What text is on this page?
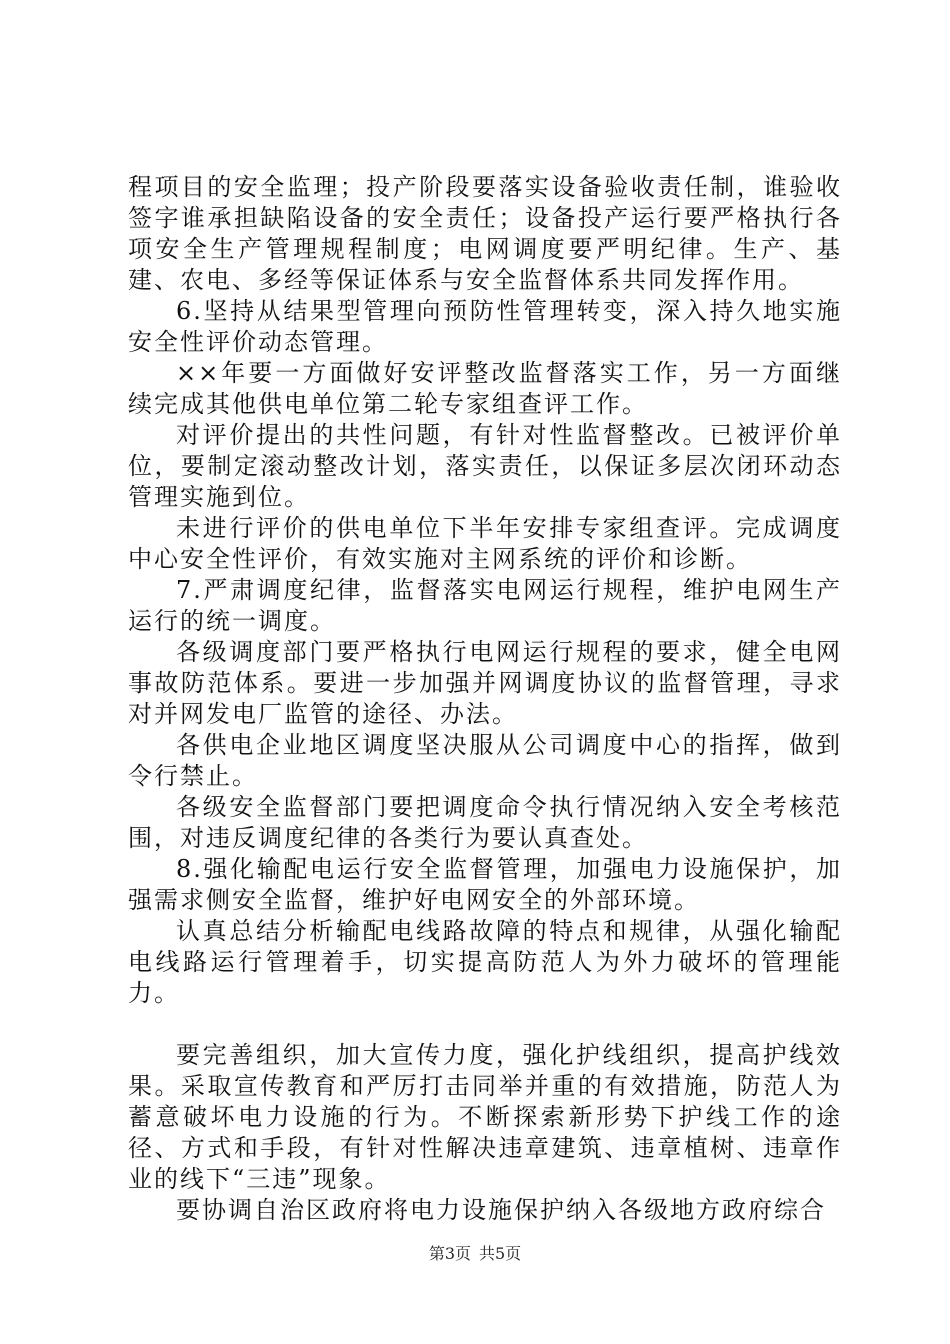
程项目的安全监理；投产阶段要落实设备验收责任制，谁验收签字谁承担缺陷设备的安全责任；设备投产运行要严格执行各项安全生产管理规程制度；电网调度要严明纪律。生产、基建、农电、多经等保证体系与安全监督体系共同发挥作用。

6.坚持从结果型管理向预防性管理转变，深入持久地实施安全性评价动态管理。

××年要一方面做好安评整改监督落实工作，另一方面继续完成其他供电单位第二轮专家组查评工作。

对评价提出的共性问题，有针对性监督整改。已被评价单位，要制定滚动整改计划，落实责任，以保证多层次闭环动态管理实施到位。

未进行评价的供电单位下半年安排专家组查评。完成调度中心安全性评价，有效实施对主网系统的评价和诊断。

7.严肃调度纪律，监督落实电网运行规程，维护电网生产运行的统一调度。

各级调度部门要严格执行电网运行规程的要求，健全电网事故防范体系。要进一步加强并网调度协议的监督管理，寻求对并网发电厂监管的途径、办法。

各供电企业地区调度坚决服从公司调度中心的指挥，做到令行禁止。

各级安全监督部门要把调度命令执行情况纳入安全考核范围，对违反调度纪律的各类行为要认真查处。

8.强化输配电运行安全监督管理，加强电力设施保护，加强需求侧安全监督，维护好电网安全的外部环境。

认真总结分析输配电线路故障的特点和规律，从强化输配电线路运行管理着手，切实提高防范人为外力破坏的管理能力。

要完善组织，加大宣传力度，强化护线组织，提高护线效果。采取宣传教育和严厉打击同举并重的有效措施，防范人为蓄意破坏电力设施的行为。不断探索新形势下护线工作的途径、方式和手段，有针对性解决违章建筑、违章植树、违章作业的线下“三违”现象。

要协调自治区政府将电力设施保护纳入各级地方政府综合

第3页 共5页
